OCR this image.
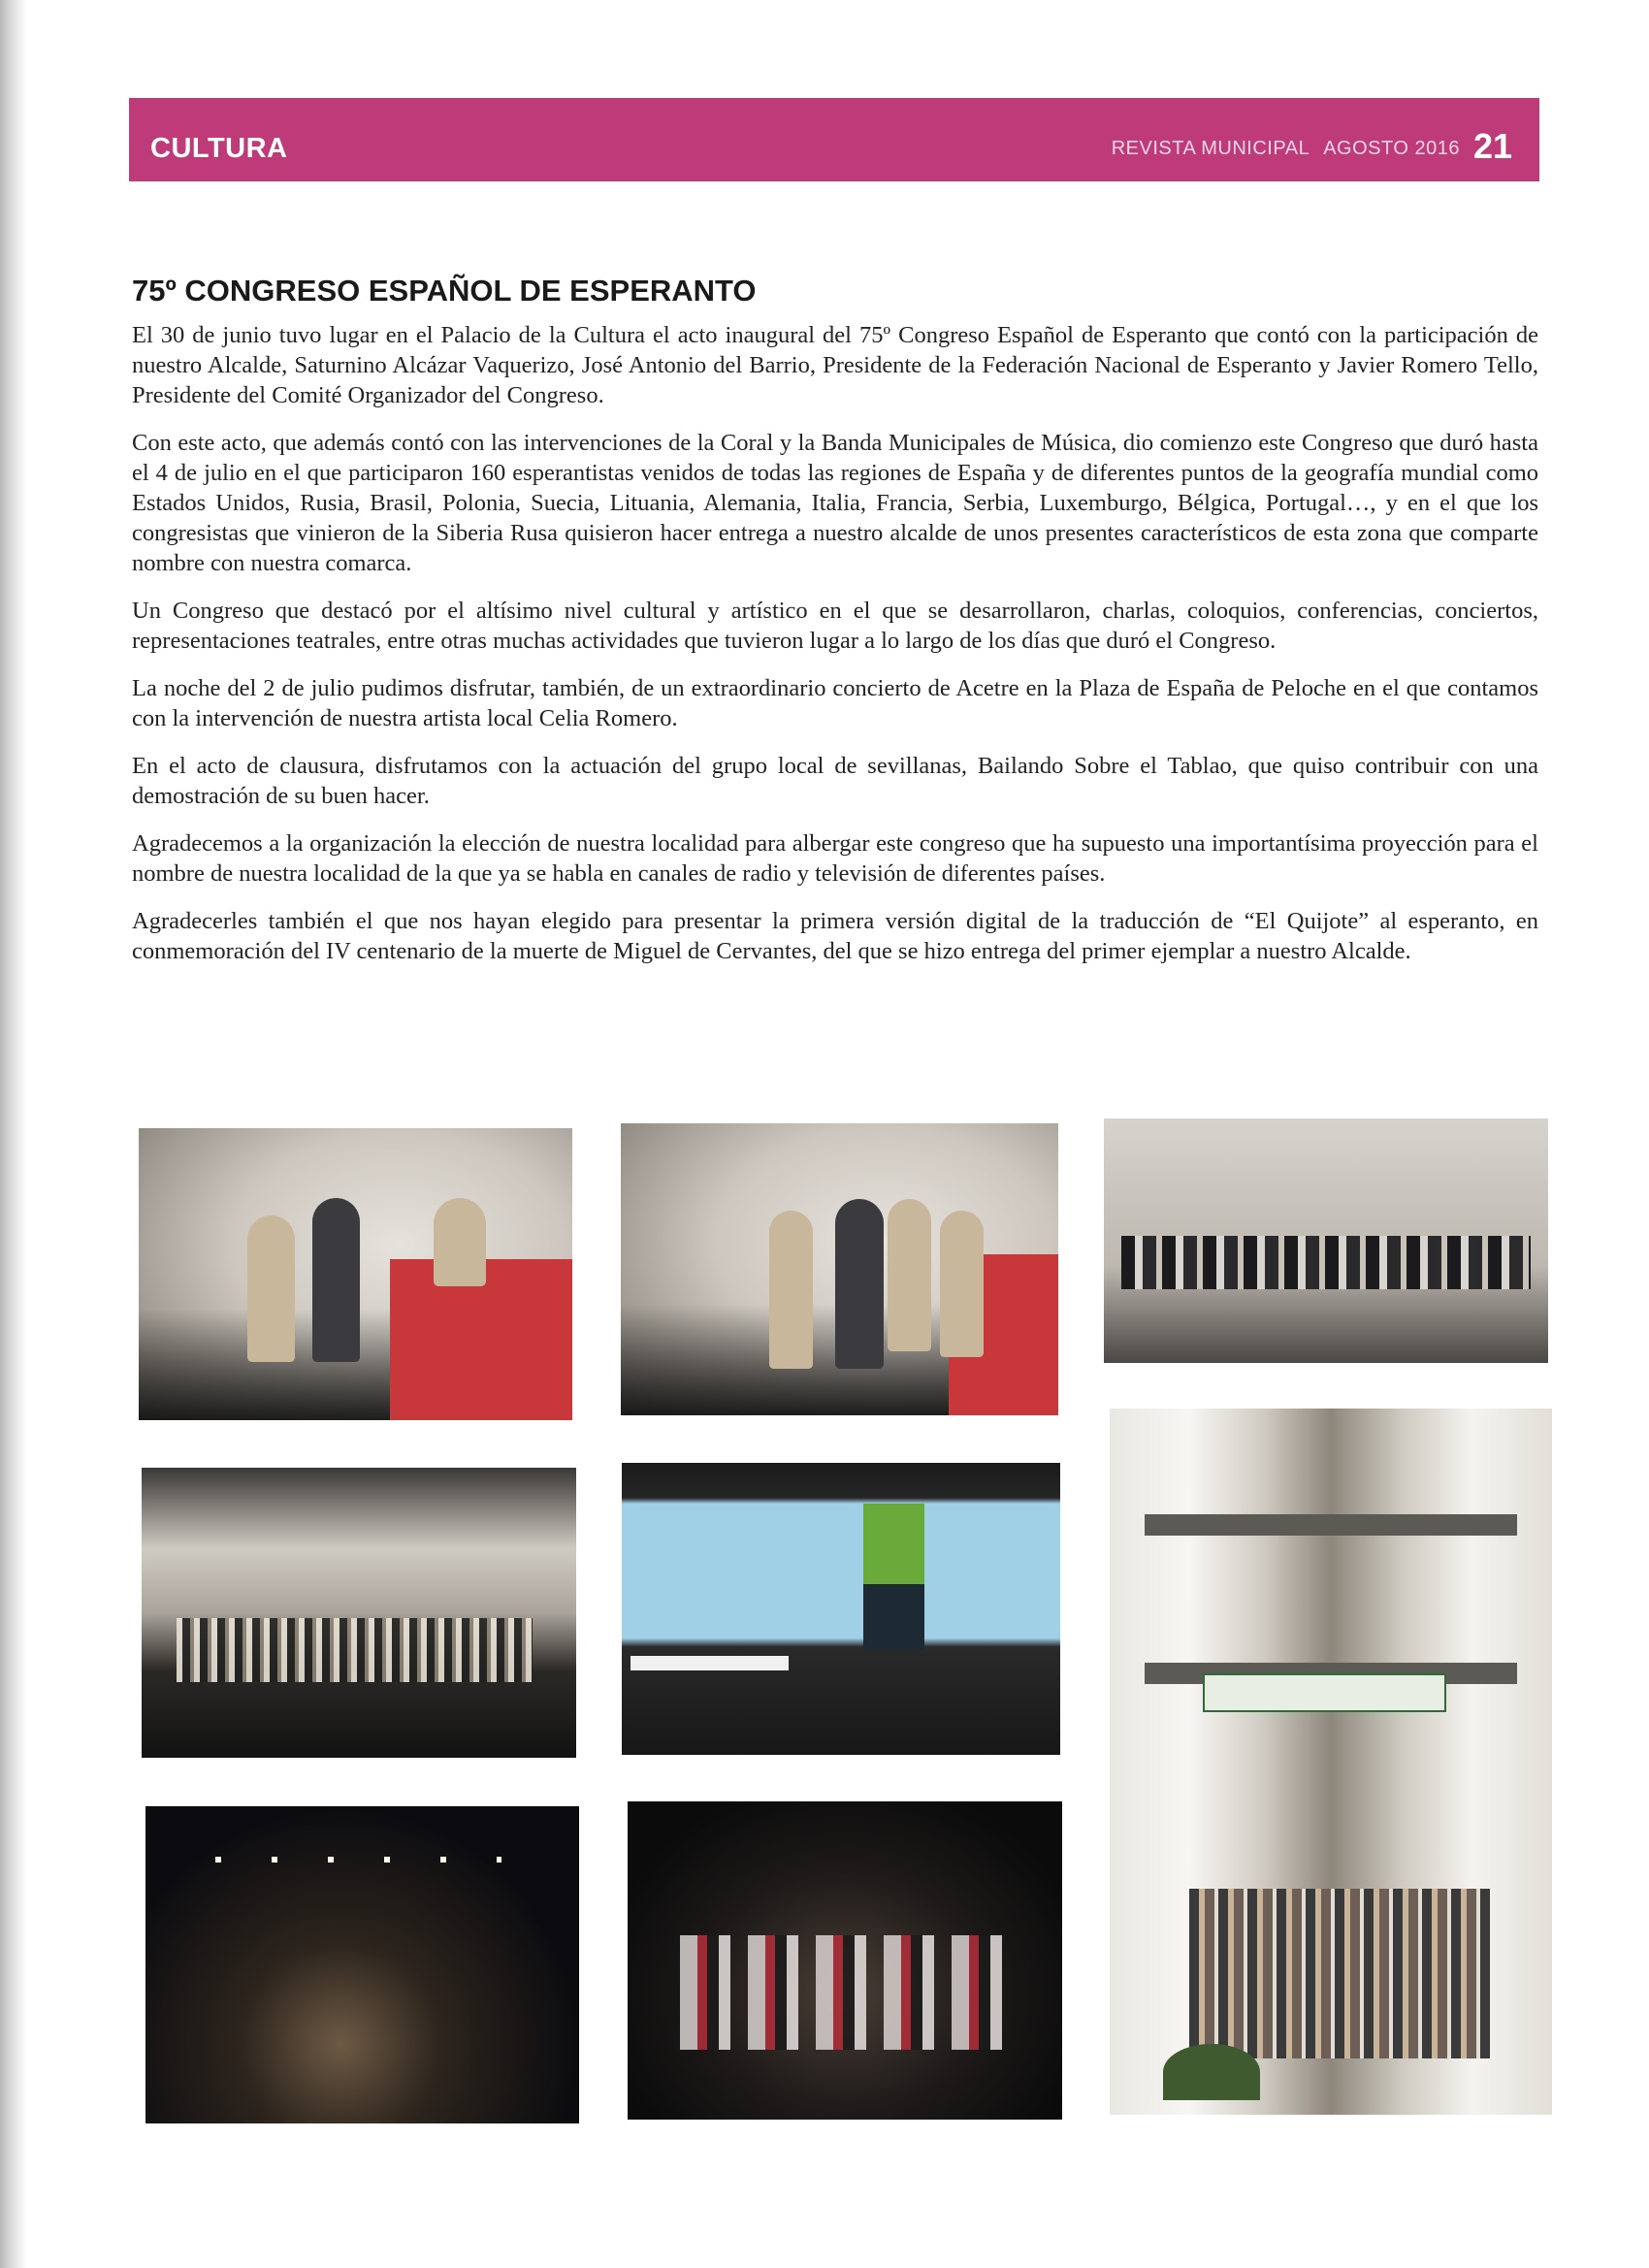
CULTURA	REVISTA MUNICIPAL AGOSTO 2016 21
75º CONGRESO ESPAÑOL DE ESPERANTO

El 30 de junio tuvo lugar en el Palacio de la Cultura el acto inaugural del 75º Congreso Español de Esperanto que contó con la participación de nuestro Alcalde, Saturnino Alcázar Vaquerizo, José Antonio del Barrio, Presidente de la Federación Nacional de Esperanto y Javier Romero Tello, Presidente del Comité Organizador del Congreso.

Con este acto, que además contó con las intervenciones de la Coral y la Banda Municipales de Música, dio comienzo este Congreso que duró hasta el 4 de julio en el que participaron 160 esperantistas venidos de todas las regiones de España y de diferentes puntos de la geografía mundial como Estados Unidos, Rusia, Brasil, Polonia, Suecia, Lituania, Alemania, Italia, Francia, Serbia, Luxemburgo, Bélgica, Portugal…, y en el que los congresistas que vinieron de la Siberia Rusa quisieron hacer entrega a nuestro alcalde de unos presentes característicos de esta zona que comparte nombre con nuestra comarca.

Un Congreso que destacó por el altísimo nivel cultural y artístico en el que se desarrollaron, charlas, coloquios, conferencias, conciertos, representaciones teatrales, entre otras muchas actividades que tuvieron lugar a lo largo de los días que duró el Congreso.

La noche del 2 de julio pudimos disfrutar, también, de un extraordinario concierto de Acetre en la Plaza de España de Peloche en el que contamos con la intervención de nuestra artista local Celia Romero.

En el acto de clausura, disfrutamos con la actuación del grupo local de sevillanas, Bailando Sobre el Tablao, que quiso contribuir con una demostración de su buen hacer.

Agradecemos a la organización la elección de nuestra localidad para albergar este congreso que ha supuesto una importantísima proyección para el nombre de nuestra localidad de la que ya se habla en canales de radio y televisión de diferentes países.

Agradecerles también el que nos hayan elegido para presentar la primera versión digital de la traducción de “El Quijote” al esperanto, en conmemoración del IV centenario de la muerte de Miguel de Cervantes, del que se hizo entrega del primer ejemplar a nuestro Alcalde.
